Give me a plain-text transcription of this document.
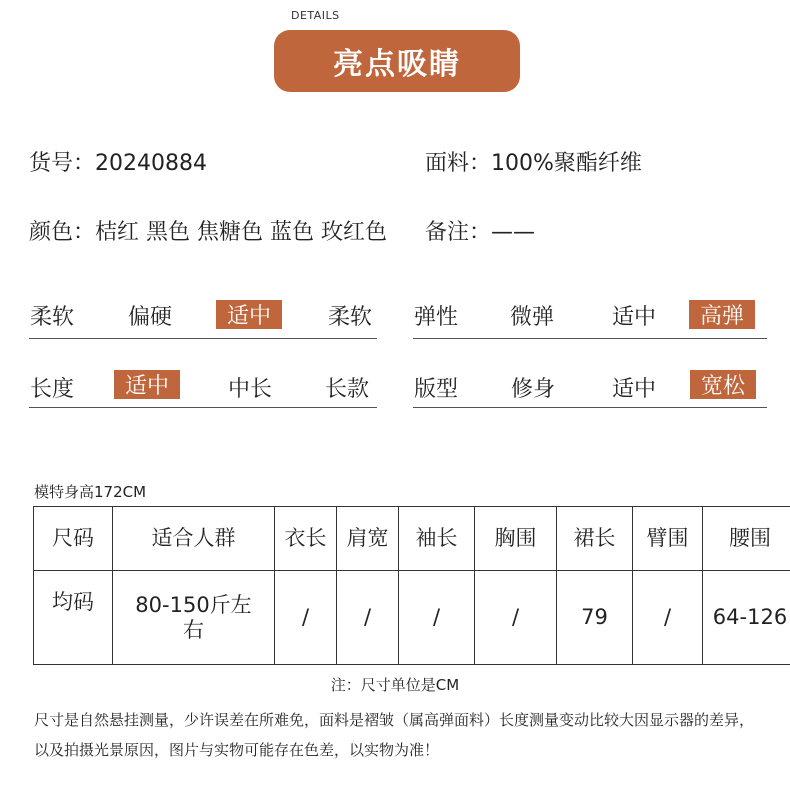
DETAILS
亮点吸睛
货号：20240884	面料：100%聚酯纤维
颜色：桔红 黑色 焦糖色 蓝色 玫红色 备注：——
柔软 偏硬	适中	柔软 弹性 微弹	适中	高弹
长度	适中	中长 长款 版型 修身	适中	宽松
模特身高172CM
尺码	适合人群	衣长	肩宽	袖长	胸围	裙长	臂围	腰围
均码	80-150斤左右	/	/	/	/	79	/	64-126
注：尺寸单位是CM
尺寸是自然悬挂测量，少许误差在所难免，面料是褶皱（属高弹面料）长度测量变动比较大因显示器的差异，以及拍摄光景原因，图片与实物可能存在色差，以实物为准！
